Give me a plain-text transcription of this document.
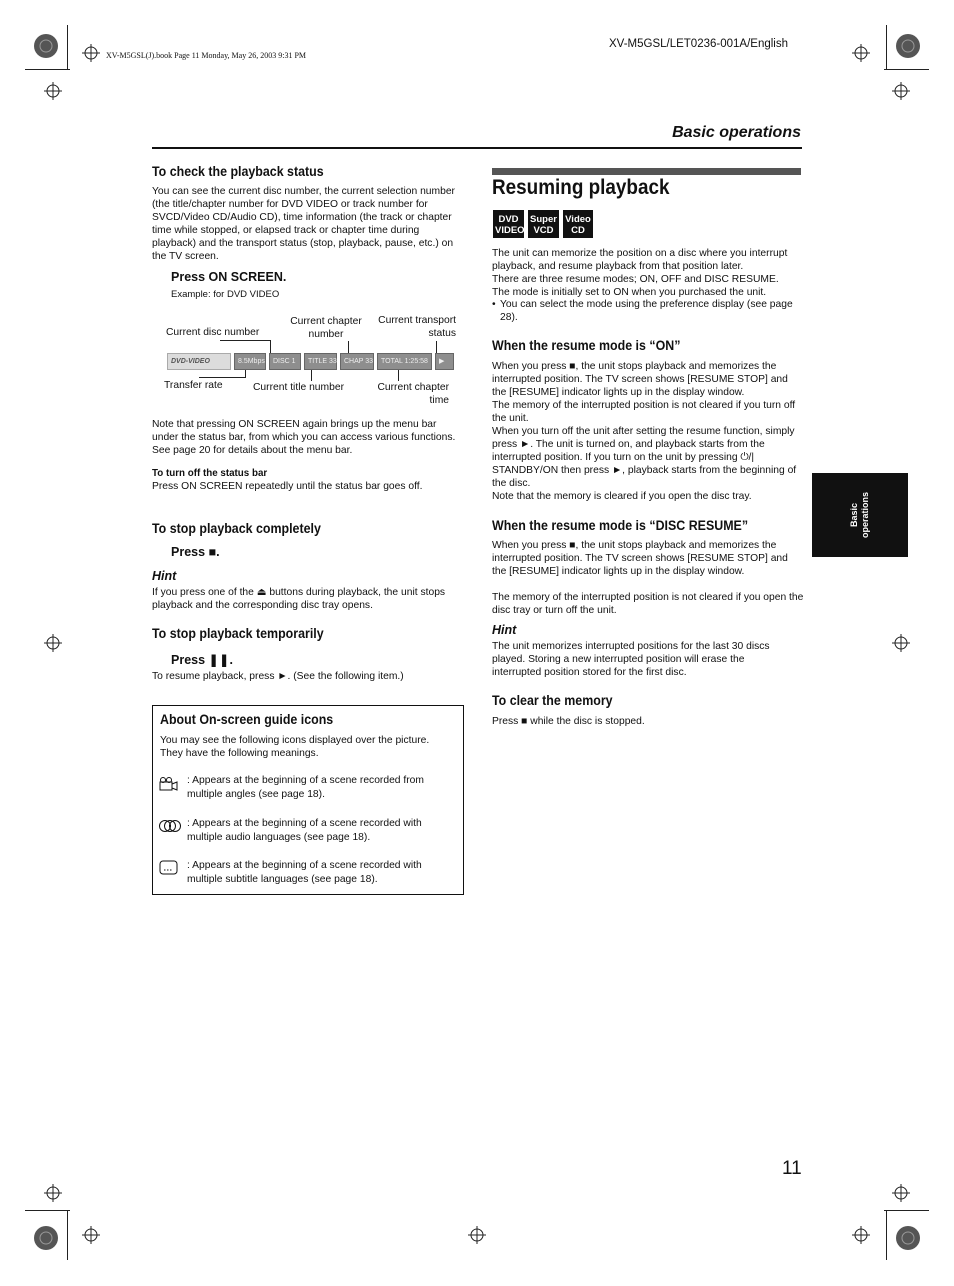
XV-M5GSL(J).book Page 11 Monday, May 26, 2003 9:31 PM
XV-M5GSL/LET0236-001A/English
Basic operations
Basic operations
To check the playback status
You can see the current disc number, the current selection number (the title/chapter number for DVD VIDEO or track number for SVCD/Video CD/Audio CD), time information (the track or chapter time while stopped, or elapsed track or chapter time during playback) and the transport status (stop, playback, pause, etc.) on the TV screen.
Press ON SCREEN.
Example: for DVD VIDEO
Current disc number
Current chapter number
Current transport status
Transfer rate	Current title number	Current chapter time
DVD-VIDEO	8.5Mbps	DISC 1	TITLE 33	CHAP 33	TOTAL 1:25:58	▶
Note that pressing ON SCREEN again brings up the menu bar under the status bar, from which you can access various functions. See page 20 for details about the menu bar.
To turn off the status bar
Press ON SCREEN repeatedly until the status bar goes off.
To stop playback completely
Press ■.
Hint
If you press one of the ⏏ buttons during playback, the unit stops playback and the corresponding disc tray opens.
To stop playback temporarily
Press ❚❚.
To resume playback, press ►. (See the following item.)
About On-screen guide icons
You may see the following icons displayed over the picture. They have the following meanings.
: Appears at the beginning of a scene recorded from multiple angles (see page 18).
: Appears at the beginning of a scene recorded with multiple audio languages (see page 18).
: Appears at the beginning of a scene recorded with multiple subtitle languages (see page 18).
Resuming playback
DVD
VIDEO
Super
VCD
Video
CD
The unit can memorize the position on a disc where you interrupt playback, and resume playback from that position later.
There are three resume modes; ON, OFF and DISC RESUME.
The mode is initially set to ON when you purchased the unit.
• You can select the mode using the preference display (see page 28).
When the resume mode is “ON”
When you press ■, the unit stops playback and memorizes the interrupted position. The TV screen shows [RESUME STOP] and the [RESUME] indicator lights up in the display window.
The memory of the interrupted position is not cleared if you turn off the unit.
When you turn off the unit after setting the resume function, simply press ►. The unit is turned on, and playback starts from the interrupted position. If you turn on the unit by pressing ⏻/| STANDBY/ON then press ►, playback starts from the beginning of the disc.
Note that the memory is cleared if you open the disc tray.
When the resume mode is “DISC RESUME”
When you press ■, the unit stops playback and memorizes the interrupted position. The TV screen shows [RESUME STOP] and the [RESUME] indicator lights up in the display window.
The memory of the interrupted position is not cleared if you open the disc tray or turn off the unit.
Hint
The unit memorizes interrupted positions for the last 30 discs played. Storing a new interrupted position will erase the interrupted position stored for the first disc.
To clear the memory
Press ■ while the disc is stopped.
11
